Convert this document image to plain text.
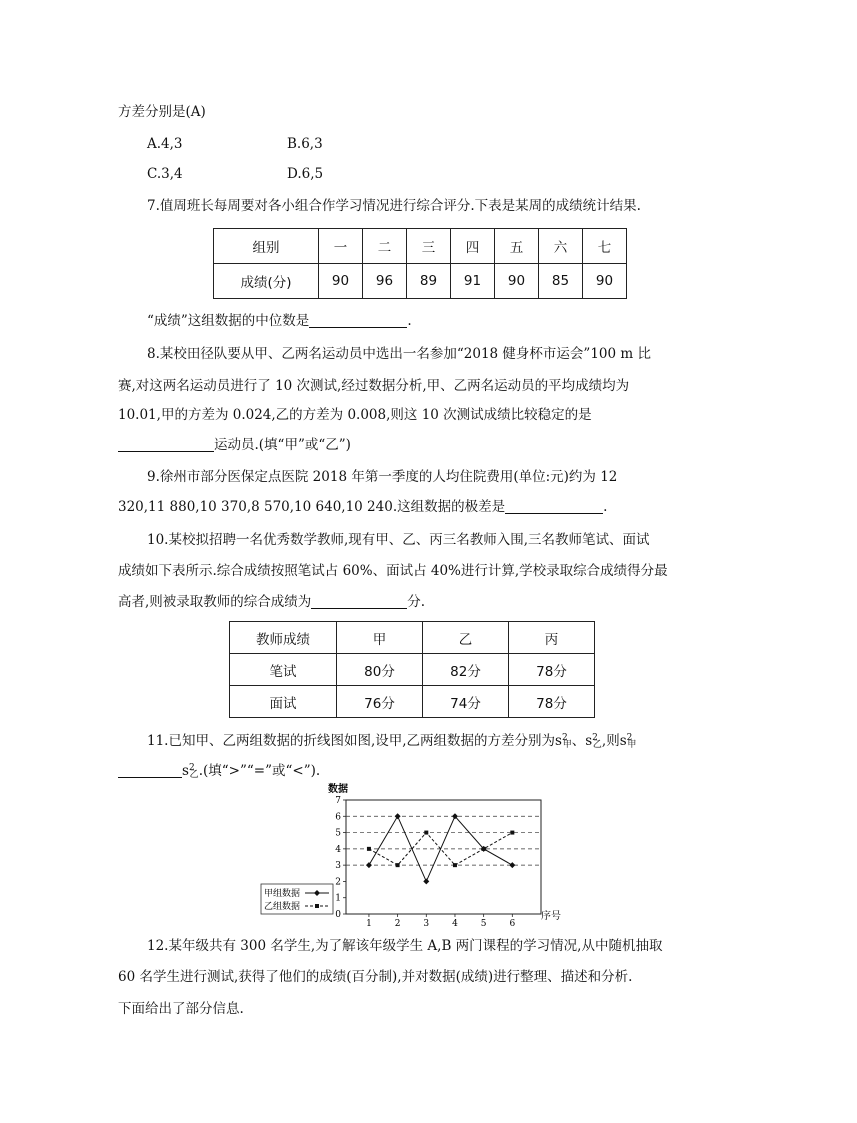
方差分别是(A)
A.4,3	B.6,3
C.3,4	D.6,5
7.值周班长每周要对各小组合作学习情况进行综合评分.下表是某周的成绩统计结果.
组别	一	二	三	四	五	六	七
成绩(分)	90	96	89	91	90	85	90
“成绩”这组数据的中位数是	.
8.某校田径队要从甲、乙两名运动员中选出一名参加“2018 健身杯市运会”100 m 比
赛,对这两名运动员进行了 10 次测试,经过数据分析,甲、乙两名运动员的平均成绩均为
10.01,甲的方差为 0.024,乙的方差为 0.008,则这 10 次测试成绩比较稳定的是
运动员.(填“甲”或“乙”)
9.徐州市部分医保定点医院 2018 年第一季度的人均住院费用(单位:元)约为 12
320,11 880,10 370,8 570,10 640,10 240.这组数据的极差是	.
10.某校拟招聘一名优秀数学教师,现有甲、乙、丙三名教师入围,三名教师笔试、面试
成绩如下表所示.综合成绩按照笔试占 60%、面试占 40%进行计算,学校录取综合成绩得分最
高者,则被录取教师的综合成绩为	分.
教师成绩	甲	乙	丙
笔试	80分	82分	78分
面试	76分	74分	78分
11.已知甲、乙两组数据的折线图如图,设甲,乙两组数据的方差分别为$s^2_甲$、$s^2_乙$,则$s^2_甲$
$s^2_乙$.(填“>”“=”或“<”).
数据
序号
0
1
2
3
4
5
6
7
1	2	3	4	5	6
甲组数据
乙组数据
12.某年级共有 300 名学生,为了解该年级学生 A,B 两门课程的学习情况,从中随机抽取
60 名学生进行测试,获得了他们的成绩(百分制),并对数据(成绩)进行整理、描述和分析.
下面给出了部分信息.
